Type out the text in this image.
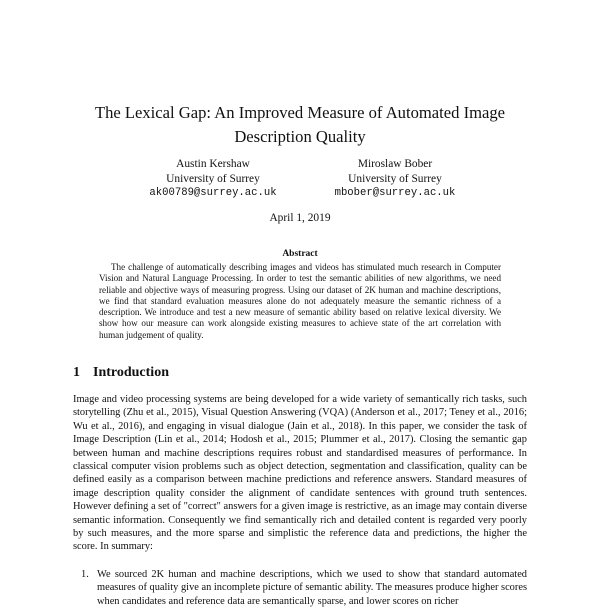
The Lexical Gap: An Improved Measure of Automated Image Description Quality
Austin Kershaw
University of Surrey
ak00789@surrey.ac.uk
Miroslaw Bober
University of Surrey
mbober@surrey.ac.uk
April 1, 2019
Abstract

The challenge of automatically describing images and videos has stimulated much research in Computer Vision and Natural Language Processing. In order to test the semantic abilities of new algorithms, we need reliable and objective ways of measuring progress. Using our dataset of 2K human and machine descriptions, we find that standard evaluation measures alone do not adequately measure the semantic richness of a description. We introduce and test a new measure of semantic ability based on relative lexical diversity. We show how our measure can work alongside existing measures to achieve state of the art correlation with human judgement of quality.

1 Introduction

Image and video processing systems are being developed for a wide variety of semantically rich tasks, such storytelling (Zhu et al., 2015), Visual Question Answering (VQA) (Anderson et al., 2017; Teney et al., 2016; Wu et al., 2016), and engaging in visual dialogue (Jain et al., 2018). In this paper, we consider the task of Image Description (Lin et al., 2014; Hodosh et al., 2015; Plummer et al., 2017). Closing the semantic gap between human and machine descriptions requires robust and standardised measures of performance. In classical computer vision problems such as object detection, segmentation and classification, quality can be defined easily as a comparison between machine predictions and reference answers. Standard measures of image description quality consider the alignment of candidate sentences with ground truth sentences. However defining a set of "correct" answers for a given image is restrictive, as an image may contain diverse semantic information. Consequently we find semantically rich and detailed content is regarded very poorly by such measures, and the more sparse and simplistic the reference data and predictions, the higher the score. In summary:

1. We sourced 2K human and machine descriptions, which we used to show that standard automated measures of quality give an incomplete picture of semantic ability. The measures produce higher scores when candidates and reference data are semantically sparse, and lower scores on richer
